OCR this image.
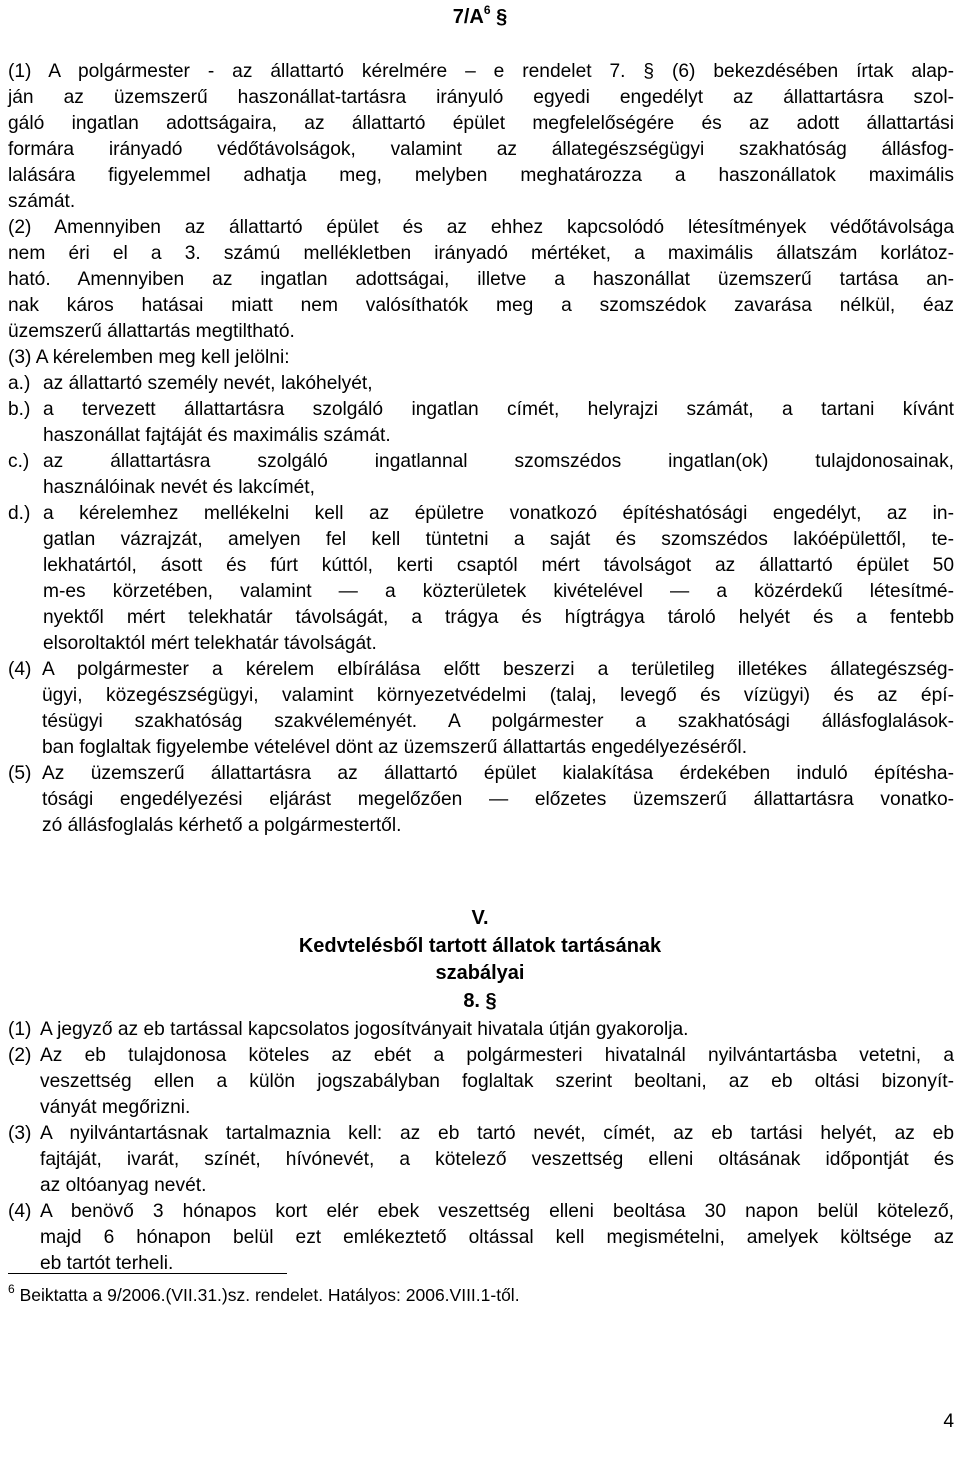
$7/A^6$ §
(1) A polgármester - az állattartó kérelmére – e rendelet 7. § (6) bekezdésében írtak alap-
ján az üzemszerű haszonállat-tartásra irányuló egyedi engedélyt az állattartásra szol-
gáló ingatlan adottságaira, az állattartó épület megfelelőségére és az adott állattartási
formára irányadó védőtávolságok, valamint az állategészségügyi szakhatóság állásfog-
lalására figyelemmel adhatja meg, melyben meghatározza a haszonállatok maximális
számát.
(2) Amennyiben az állattartó épület és az ehhez kapcsolódó létesítmények védőtávolsága
nem éri el a 3. számú mellékletben irányadó mértéket, a maximális állatszám korlátoz-
ható. Amennyiben az ingatlan adottságai, illetve a haszonállat üzemszerű tartása an-
nak káros hatásai miatt nem valósíthatók meg a szomszédok zavarása nélkül, éaz
üzemszerű állattartás megtiltható.
(3) A kérelemben meg kell jelölni:
a.) az állattartó személy nevét, lakóhelyét,
b.) a tervezett állattartásra szolgáló ingatlan címét, helyrajzi számát, a tartani kívánt
haszonállat fajtáját és maximális számát.
c.) az állattartásra szolgáló ingatlannal szomszédos ingatlan(ok) tulajdonosainak,
használóinak nevét és lakcímét,
d.) a kérelemhez mellékelni kell az épületre vonatkozó építéshatósági engedélyt, az in-
gatlan vázrajzát, amelyen fel kell tüntetni a saját és szomszédos lakóépülettől, te-
lekhatártól, ásott és fúrt kúttól, kerti csaptól mért távolságot az állattartó épület 50
m-es körzetében, valamint — a közterületek kivételével — a közérdekű létesítmé-
nyektől mért telekhatár távolságát, a trágya és hígtrágya tároló helyét és a fentebb
elsoroltaktól mért telekhatár távolságát.
(4) A polgármester a kérelem elbírálása előtt beszerzi a területileg illetékes állategészség-
ügyi, közegészségügyi, valamint környezetvédelmi (talaj, levegő és vízügyi) és az épí-
tésügyi szakhatóság szakvéleményét. A polgármester a szakhatósági állásfoglalások-
ban foglaltak figyelembe vételével dönt az üzemszerű állattartás engedélyezéséről.
(5) Az üzemszerű állattartásra az állattartó épület kialakítása érdekében induló építésha-
tósági engedélyezési eljárást megelőzően — előzetes üzemszerű állattartásra vonatko-
zó állásfoglalás kérhető a polgármestertől.

V.

Kedvtelésből tartott állatok tartásának

szabályai

8. §

(1) A jegyző az eb tartással kapcsolatos jogosítványait hivatala útján gyakorolja.
(2) Az eb tulajdonosa köteles az ebét a polgármesteri hivatalnál nyilvántartásba vetetni, a
veszettség ellen a külön jogszabályban foglaltak szerint beoltani, az eb oltási bizonyít-
ványát megőrizni.
(3) A nyilvántartásnak tartalmaznia kell: az eb tartó nevét, címét, az eb tartási helyét, az eb
fajtáját, ivarát, színét, hívónevét, a kötelező veszettség elleni oltásának időpontját és
az oltóanyag nevét.
(4) A benövő 3 hónapos kort elér ebek veszettség elleni beoltása 30 napon belül kötelező,
majd 6 hónapon belül ezt emlékeztető oltással kell megismételni, amelyek költsége az
eb tartót terheli.
$^6$ Beiktatta a 9/2006.(VII.31.)sz. rendelet. Hatályos: 2006.VIII.1-től.
4
